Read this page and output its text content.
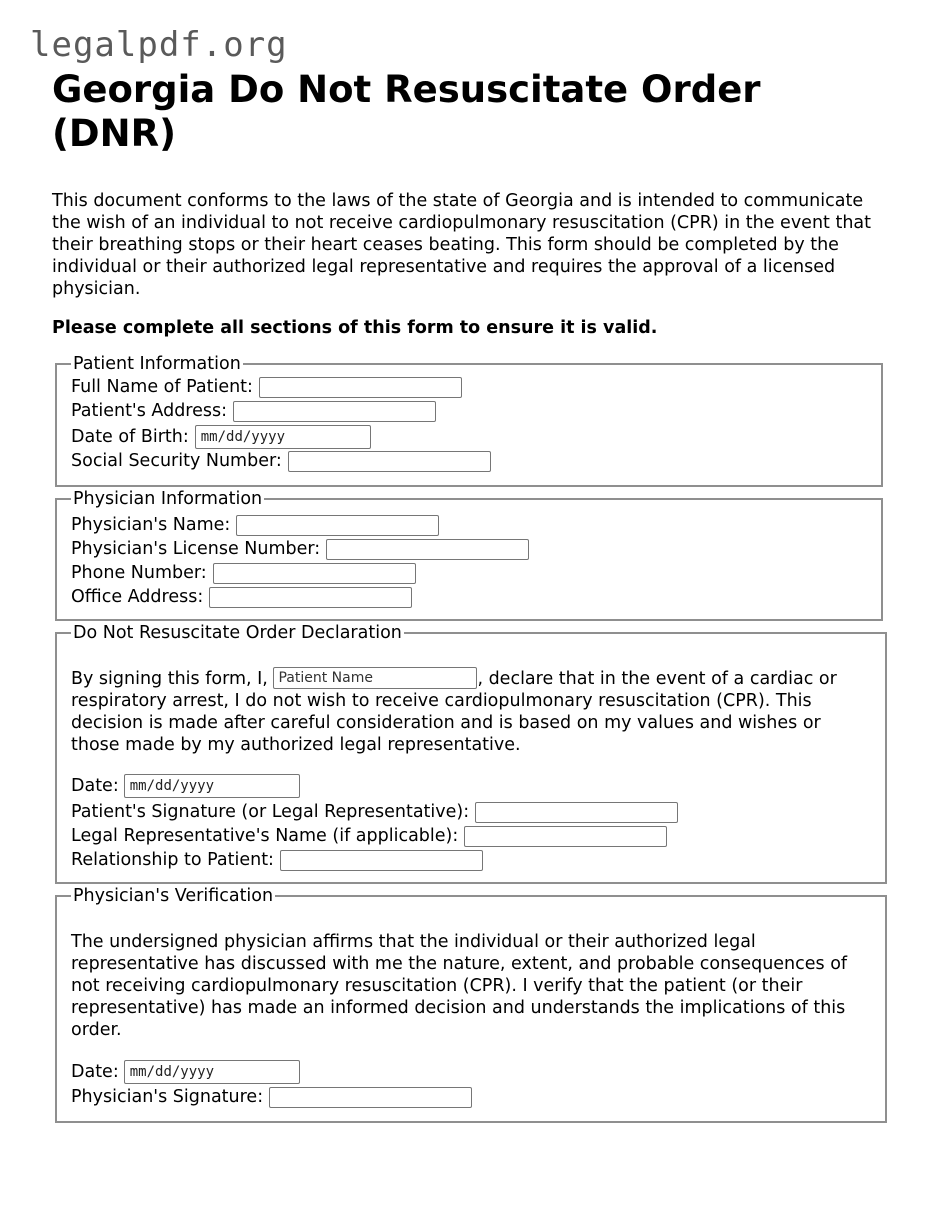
legalpdf.org
Georgia Do Not Resuscitate Order (DNR)

This document conforms to the laws of the state of Georgia and is intended to communicate the wish of an individual to not receive cardiopulmonary resuscitation (CPR) in the event that their breathing stops or their heart ceases beating. This form should be completed by the individual or their authorized legal representative and requires the approval of a licensed physician.

Please complete all sections of this form to ensure it is valid.

Patient Information
Full Name of Patient:
Patient's Address:
Date of Birth: mm/dd/yyyy
Social Security Number:
Physician Information
Physician's Name:
Physician's License Number:
Phone Number:
Office Address:
Do Not Resuscitate Order Declaration
By signing this form, I, Patient Name	, declare that in the event of a cardiac or respiratory arrest, I do not wish to receive cardiopulmonary resuscitation (CPR). This decision is made after careful consideration and is based on my values and wishes or those made by my authorized legal representative.
Date: mm/dd/yyyy
Patient's Signature (or Legal Representative):
Legal Representative's Name (if applicable):
Relationship to Patient:
Physician's Verification
The undersigned physician affirms that the individual or their authorized legal representative has discussed with me the nature, extent, and probable consequences of not receiving cardiopulmonary resuscitation (CPR). I verify that the patient (or their representative) has made an informed decision and understands the implications of this order.
Date: mm/dd/yyyy
Physician's Signature:
